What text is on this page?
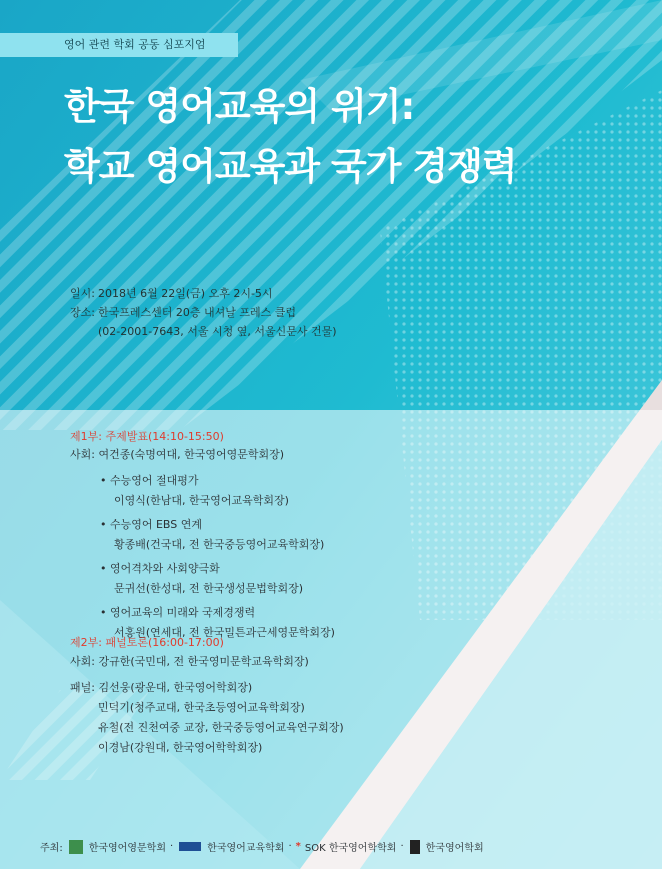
영어 관련 학회 공동 심포지엄
한국 영어교육의 위기:
학교 영어교육과 국가 경쟁력
일시: 2018년 6월 22일(금) 오후 2시-5시
장소: 한국프레스센터 20층 내셔날 프레스 클럽
(02-2001-7643, 서울 시청 옆, 서울신문사 건물)
제1부: 주제발표(14:10-15:50)
사회: 여건종(숙명여대, 한국영어영문학회장)
• 수능영어 절대평가
이영식(한남대, 한국영어교육학회장)
• 수능영어 EBS 연계
황종배(건국대, 전 한국중등영어교육학회장)
• 영어격차와 사회양극화
문귀선(한성대, 전 한국생성문법학회장)
• 영어교육의 미래와 국제경쟁력
서홍원(연세대, 전 한국밀튼과근세영문학회장)
제2부: 패널토론(16:00-17:00)
사회: 강규한(국민대, 전 한국영미문학교육학회장)
패널: 김선웅(광운대, 한국영어학회장)
민덕기(청주교대, 한국초등영어교육학회장)
유철(전 진천여중 교장, 한국중등영어교육연구회장)
이경남(강원대, 한국영어학학회장)
주최:	한국영어영문학회 ·	한국영어교육학회 · * SOK 한국영어학학회 · 한국영어학회
